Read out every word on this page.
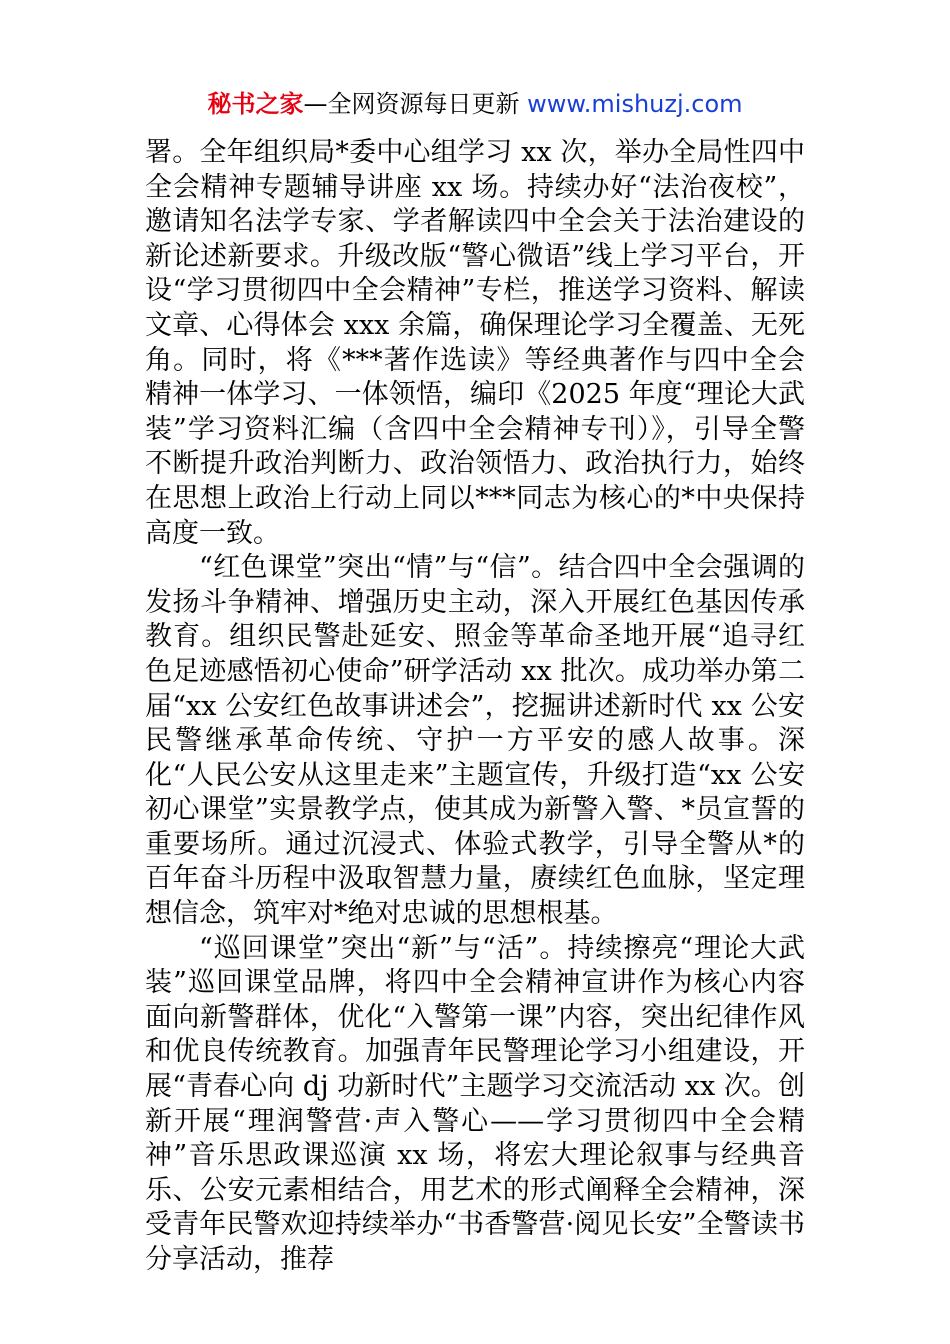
秘书之家—全网资源每日更新 www.mishuzj.com

署。全年组织局*委中心组学习 xx 次，举办全局性四中全会精神专题辅导讲座 xx 场。持续办好“法治夜校”，邀请知名法学专家、学者解读四中全会关于法治建设的新论述新要求。升级改版“警心微语”线上学习平台，开设“学习贯彻四中全会精神”专栏，推送学习资料、解读文章、心得体会 xxx 余篇，确保理论学习全覆盖、无死角。同时，将《***著作选读》等经典著作与四中全会精神一体学习、一体领悟，编印《2025 年度“理论大武装”学习资料汇编（含四中全会精神专刊）》，引导全警不断提升政治判断力、政治领悟力、政治执行力，始终在思想上政治上行动上同以***同志为核心的*中央保持高度一致。

“红色课堂”突出“情”与“信”。结合四中全会强调的发扬斗争精神、增强历史主动，深入开展红色基因传承教育。组织民警赴延安、照金等革命圣地开展“追寻红色足迹感悟初心使命”研学活动 xx 批次。成功举办第二届“xx 公安红色故事讲述会”，挖掘讲述新时代 xx 公安民警继承革命传统、守护一方平安的感人故事。深化“人民公安从这里走来”主题宣传，升级打造“xx 公安初心课堂”实景教学点，使其成为新警入警、*员宣誓的重要场所。通过沉浸式、体验式教学，引导全警从*的百年奋斗历程中汲取智慧力量，赓续红色血脉，坚定理想信念，筑牢对*绝对忠诚的思想根基。

“巡回课堂”突出“新”与“活”。持续擦亮“理论大武装”巡回课堂品牌，将四中全会精神宣讲作为核心内容面向新警群体，优化“入警第一课”内容，突出纪律作风和优良传统教育。加强青年民警理论学习小组建设，开展“青春心向 dj 功新时代”主题学习交流活动 xx 次。创新开展“理润警营·声入警心——学习贯彻四中全会精神”音乐思政课巡演 xx 场，将宏大理论叙事与经典音乐、公安元素相结合，用艺术的形式阐释全会精神，深受青年民警欢迎持续举办“书香警营·阅见长安”全警读书分享活动，推荐
